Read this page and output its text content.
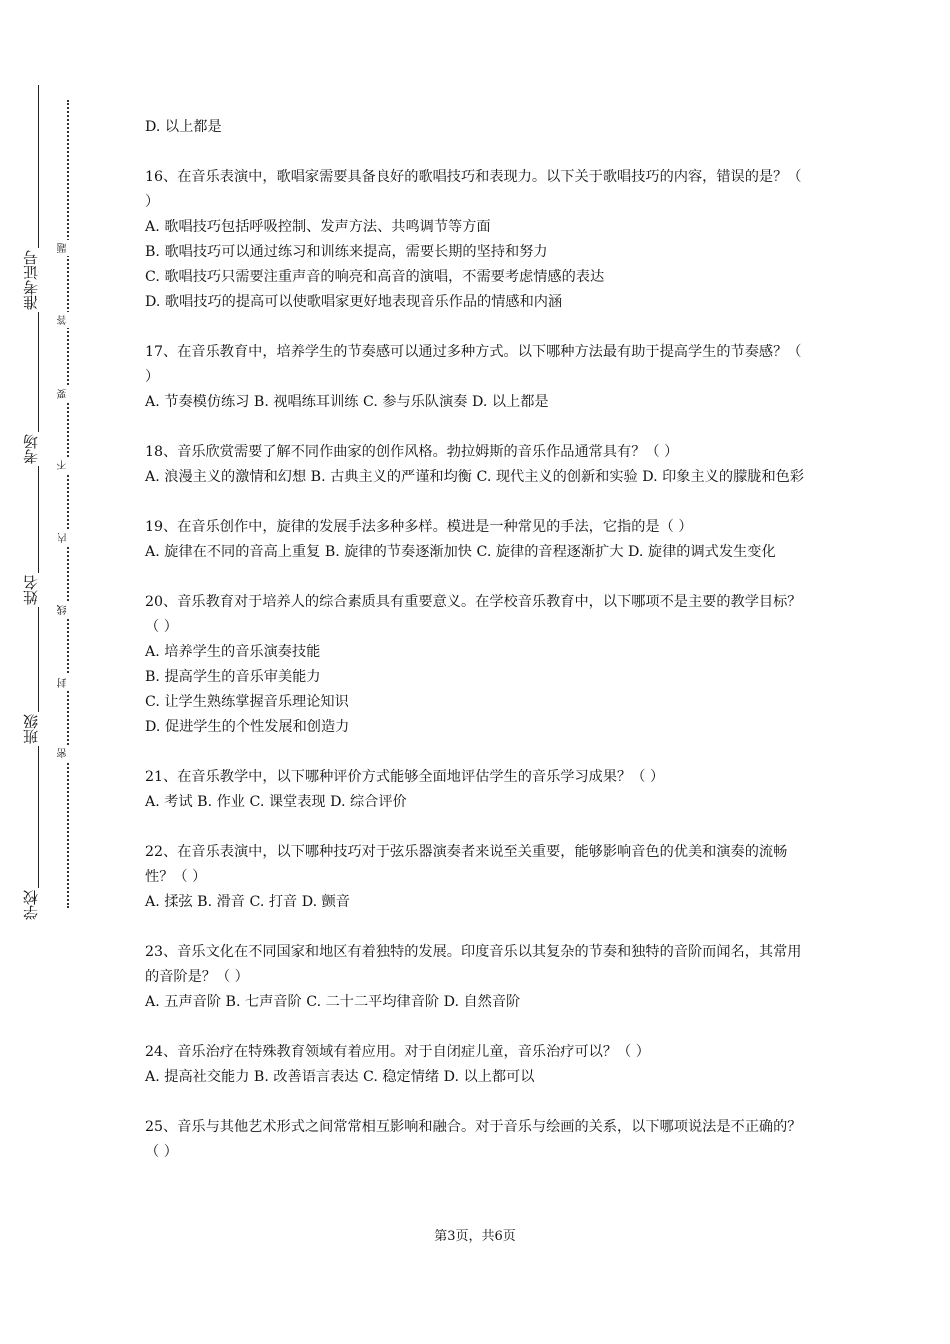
准考证号
考场
姓名
班级
学校
题
答
要
不
内
线
封
密

D. 以上都是

16、在音乐表演中，歌唱家需要具备良好的歌唱技巧和表现力。以下关于歌唱技巧的内容，错误的是？（ ）

A. 歌唱技巧包括呼吸控制、发声方法、共鸣调节等方面

B. 歌唱技巧可以通过练习和训练来提高，需要长期的坚持和努力

C. 歌唱技巧只需要注重声音的响亮和高音的演唱，不需要考虑情感的表达

D. 歌唱技巧的提高可以使歌唱家更好地表现音乐作品的情感和内涵

17、在音乐教育中，培养学生的节奏感可以通过多种方式。以下哪种方法最有助于提高学生的节奏感？（ ）

A. 节奏模仿练习 B. 视唱练耳训练 C. 参与乐队演奏 D. 以上都是

18、音乐欣赏需要了解不同作曲家的创作风格。勃拉姆斯的音乐作品通常具有？（ ）

A. 浪漫主义的激情和幻想 B. 古典主义的严谨和均衡 C. 现代主义的创新和实验 D. 印象主义的朦胧和色彩

19、在音乐创作中，旋律的发展手法多种多样。模进是一种常见的手法，它指的是（ ）

A. 旋律在不同的音高上重复 B. 旋律的节奏逐渐加快 C. 旋律的音程逐渐扩大 D. 旋律的调式发生变化

20、音乐教育对于培养人的综合素质具有重要意义。在学校音乐教育中，以下哪项不是主要的教学目标？（ ）

A. 培养学生的音乐演奏技能

B. 提高学生的音乐审美能力

C. 让学生熟练掌握音乐理论知识

D. 促进学生的个性发展和创造力

21、在音乐教学中，以下哪种评价方式能够全面地评估学生的音乐学习成果？（ ）

A. 考试 B. 作业 C. 课堂表现 D. 综合评价

22、在音乐表演中，以下哪种技巧对于弦乐器演奏者来说至关重要，能够影响音色的优美和演奏的流畅性？（ ）

A. 揉弦 B. 滑音 C. 打音 D. 颤音

23、音乐文化在不同国家和地区有着独特的发展。印度音乐以其复杂的节奏和独特的音阶而闻名，其常用的音阶是？（ ）

A. 五声音阶 B. 七声音阶 C. 二十二平均律音阶 D. 自然音阶

24、音乐治疗在特殊教育领域有着应用。对于自闭症儿童，音乐治疗可以？（ ）

A. 提高社交能力 B. 改善语言表达 C. 稳定情绪 D. 以上都可以

25、音乐与其他艺术形式之间常常相互影响和融合。对于音乐与绘画的关系，以下哪项说法是不正确的？（ ）

第3页，共6页
